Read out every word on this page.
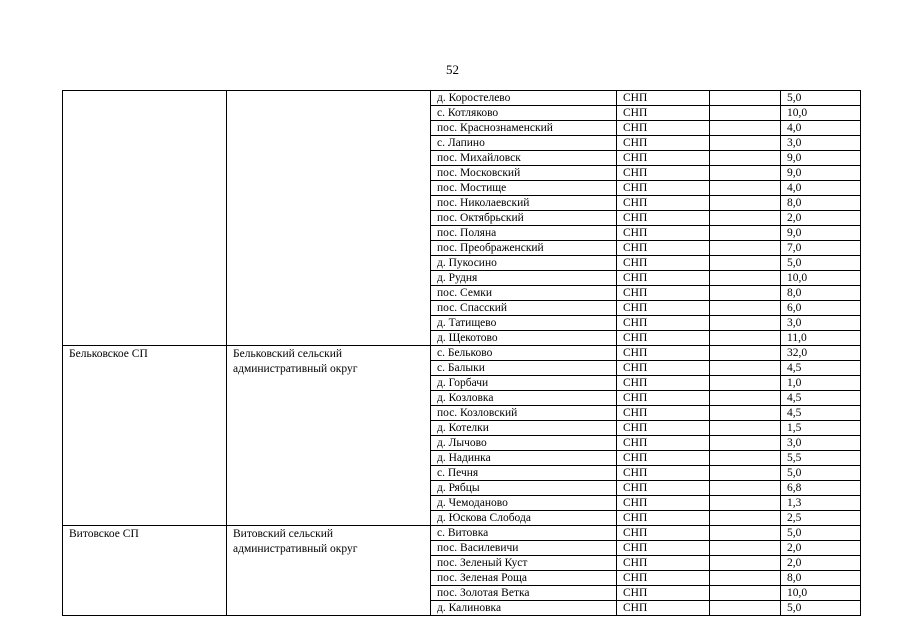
52
		д. Коростелево	СНП		5,0
		с. Котляково	СНП		10,0
		пос. Краснознаменский	СНП		4,0
		с. Лапино	СНП		3,0
		пос. Михайловск	СНП		9,0
		пос. Московский	СНП		9,0
		пос. Мостище	СНП		4,0
		пос. Николаевский	СНП		8,0
		пос. Октябрьский	СНП		2,0
		пос. Поляна	СНП		9,0
		пос. Преображенский	СНП		7,0
		д. Пукосино	СНП		5,0
		д. Рудня	СНП		10,0
		пос. Семки	СНП		8,0
		пос. Спасский	СНП		6,0
		д. Татищево	СНП		3,0
		д. Щекотово	СНП		11,0
Бельковское СП	Бельковский сельский административный округ	с. Бельково	СНП		32,0
		с. Балыки	СНП		4,5
		д. Горбачи	СНП		1,0
		д. Козловка	СНП		4,5
		пос. Козловский	СНП		4,5
		д. Котелки	СНП		1,5
		д. Лычово	СНП		3,0
		д. Надинка	СНП		5,5
		с. Печня	СНП		5,0
		д. Рябцы	СНП		6,8
		д. Чемоданово	СНП		1,3
		д. Юскова Слобода	СНП		2,5
Витовское СП	Витовский сельский административный округ	с. Витовка	СНП		5,0
		пос. Василевичи	СНП		2,0
		пос. Зеленый Куст	СНП		2,0
		пос. Зеленая Роща	СНП		8,0
		пос. Золотая Ветка	СНП		10,0
		д. Калиновка	СНП		5,0
